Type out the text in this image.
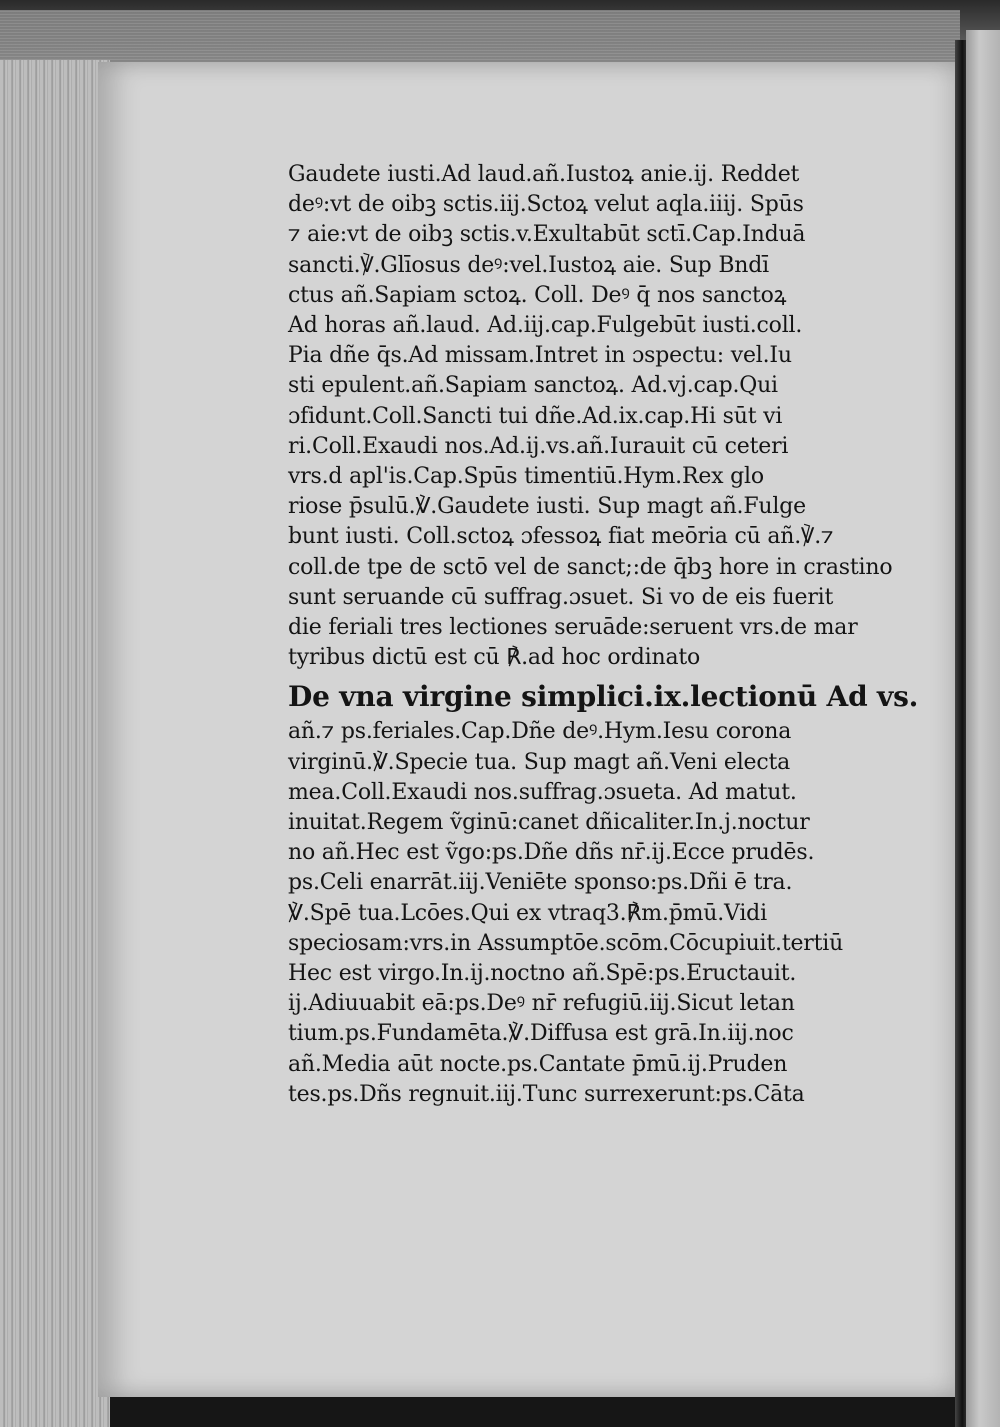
Gaudete iusti.Ad laud.añ.Iustoꝝ anie.ij. Reddet
deꝰ:vt de oibꝫ sctis.iij.Sctoꝝ velut aqla.iiij. Spūs
⁊ aie:vt de oibꝫ sctis.v.Exultabūt sctī.Cap.Induā
sancti.℣.Glīosus deꝰ:vel.Iustoꝝ aie. Sup Bndī
ctus añ.Sapiam sctoꝝ. Coll. Deꝰ q̄ nos sanctoꝝ
Ad horas añ.laud. Ad.iij.cap.Fulgebūt iusti.coll.
Pia dñe q̄s.Ad missam.Intret in ɔspectu: vel.Iu
sti epulent.añ.Sapiam sanctoꝝ. Ad.vj.cap.Qui
ɔfidunt.Coll.Sancti tui dñe.Ad.ix.cap.Hi sūt vi
ri.Coll.Exaudi nos.Ad.ij.vs.añ.Iurauit cū ceteri
vrs.d apl'is.Cap.Spūs timentiū.Hym.Rex glo
riose p̄sulū.℣.Gaudete iusti. Sup magt añ.Fulge
bunt iusti. Coll.sctoꝝ ɔfessoꝝ fiat meōria cū añ.℣.⁊
coll.de tpe de sctō vel de sanct;:de q̄bꝫ hore in crastino
sunt seruande cū suffrag.ɔsuet. Si vo de eis fuerit
die feriali tres lectiones seruāde:seruent vrs.de mar
tyribus dictū est cū ℟.ad hoc ordinato
De vna virgine simplici.ix.lectionū Ad vs.
añ.⁊ ps.feriales.Cap.Dñe deꝰ.Hym.Iesu corona
virginū.℣.Specie tua. Sup magt añ.Veni electa
mea.Coll.Exaudi nos.suffrag.ɔsueta. Ad matut.
inuitat.Regem ṽginū:canet dñicaliter.In.j.noctur
no añ.Hec est ṽgo:ps.Dñe dñs nr̄.ij.Ecce prudēs.
ps.Celi enarrāt.iij.Veniēte sponso:ps.Dñi ē tra.
℣.Spē tua.Lcōes.Qui ex vtraq3.℟m.p̄mū.Vidi
speciosam:vrs.in Assumptōe.scōm.Cōcupiuit.tertiū
Hec est virgo.In.ij.noctno añ.Spē:ps.Eructauit.
ij.Adiuuabit eā:ps.Deꝰ nr̄ refugiū.iij.Sicut letan
tium.ps.Fundamēta.℣.Diffusa est grā.In.iij.noc
añ.Media aūt nocte.ps.Cantate p̄mū.ij.Pruden
tes.ps.Dñs regnuit.iij.Tunc surrexerunt:ps.Cāta
